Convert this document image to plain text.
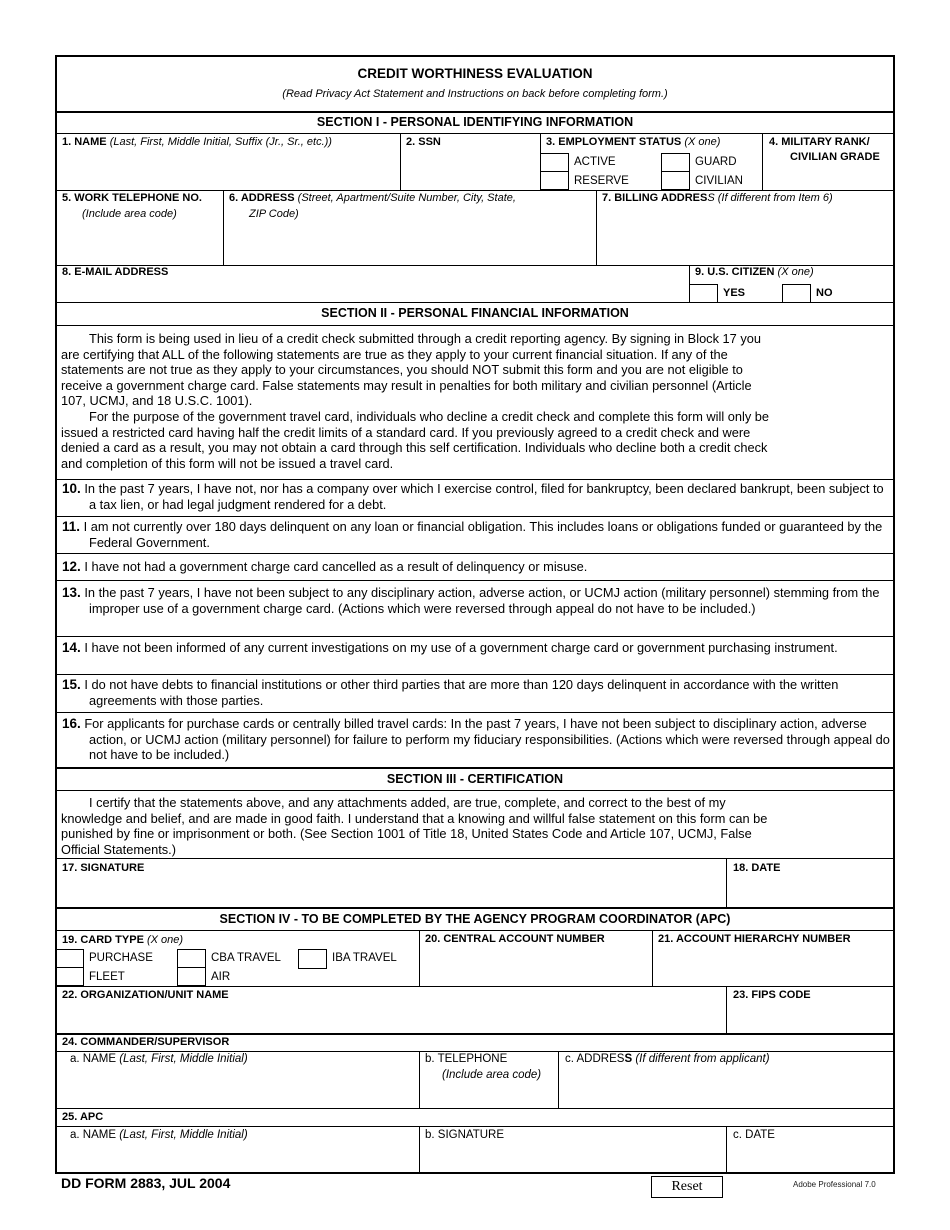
CREDIT WORTHINESS EVALUATION
(Read Privacy Act Statement and Instructions on back before completing form.)
SECTION I - PERSONAL IDENTIFYING INFORMATION
1. NAME (Last, First, Middle Initial, Suffix (Jr., Sr., etc.))	2. SSN	3. EMPLOYMENT STATUS (X one)
ACTIVE
RESERVE
GUARD
CIVILIAN
4. MILITARY RANK/
CIVILIAN GRADE
5. WORK TELEPHONE NO.
(Include area code)
6. ADDRESS (Street, Apartment/Suite Number, City, State,
ZIP Code)
7. BILLING ADDRESS (If different from Item 6)
8. E-MAIL ADDRESS	9. U.S. CITIZEN (X one)
YES	NO
SECTION II - PERSONAL FINANCIAL INFORMATION
This form is being used in lieu of a credit check submitted through a credit reporting agency. By signing in Block 17 you
are certifying that ALL of the following statements are true as they apply to your current financial situation. If any of the
statements are not true as they apply to your circumstances, you should NOT submit this form and you are not eligible to
receive a government charge card. False statements may result in penalties for both military and civilian personnel (Article
107, UCMJ, and 18 U.S.C. 1001).
For the purpose of the government travel card, individuals who decline a credit check and complete this form will only be
issued a restricted card having half the credit limits of a standard card. If you previously agreed to a credit check and were
denied a card as a result, you may not obtain a card through this self certification. Individuals who decline both a credit check
and completion of this form will not be issued a travel card.
10. In the past 7 years, I have not, nor has a company over which I exercise control, filed for bankruptcy, been declared bankrupt, been subject to a tax lien, or had legal judgment rendered for a debt.
11. I am not currently over 180 days delinquent on any loan or financial obligation. This includes loans or obligations funded or guaranteed by the Federal Government.
12. I have not had a government charge card cancelled as a result of delinquency or misuse.
13. In the past 7 years, I have not been subject to any disciplinary action, adverse action, or UCMJ action (military personnel) stemming from the improper use of a government charge card. (Actions which were reversed through appeal do not have to be included.)
14. I have not been informed of any current investigations on my use of a government charge card or government purchasing instrument.
15. I do not have debts to financial institutions or other third parties that are more than 120 days delinquent in accordance with the written agreements with those parties.
16. For applicants for purchase cards or centrally billed travel cards: In the past 7 years, I have not been subject to disciplinary action, adverse action, or UCMJ action (military personnel) for failure to perform my fiduciary responsibilities. (Actions which were reversed through appeal do not have to be included.)
SECTION III - CERTIFICATION
I certify that the statements above, and any attachments added, are true, complete, and correct to the best of my
knowledge and belief, and are made in good faith. I understand that a knowing and willful false statement on this form can be
punished by fine or imprisonment or both. (See Section 1001 of Title 18, United States Code and Article 107, UCMJ, False
Official Statements.)
17. SIGNATURE	18. DATE
SECTION IV - TO BE COMPLETED BY THE AGENCY PROGRAM COORDINATOR (APC)
19. CARD TYPE (X one)
PURCHASE
FLEET
CBA TRAVEL
AIR
IBA TRAVEL
20. CENTRAL ACCOUNT NUMBER	21. ACCOUNT HIERARCHY NUMBER
22. ORGANIZATION/UNIT NAME	23. FIPS CODE
24. COMMANDER/SUPERVISOR
a. NAME (Last, First, Middle Initial)	b. TELEPHONE
(Include area code)
c. ADDRESS (If different from applicant)
25. APC
a. NAME (Last, First, Middle Initial)	b. SIGNATURE	c. DATE
DD FORM 2883, JUL 2004	Reset	Adobe Professional 7.0
